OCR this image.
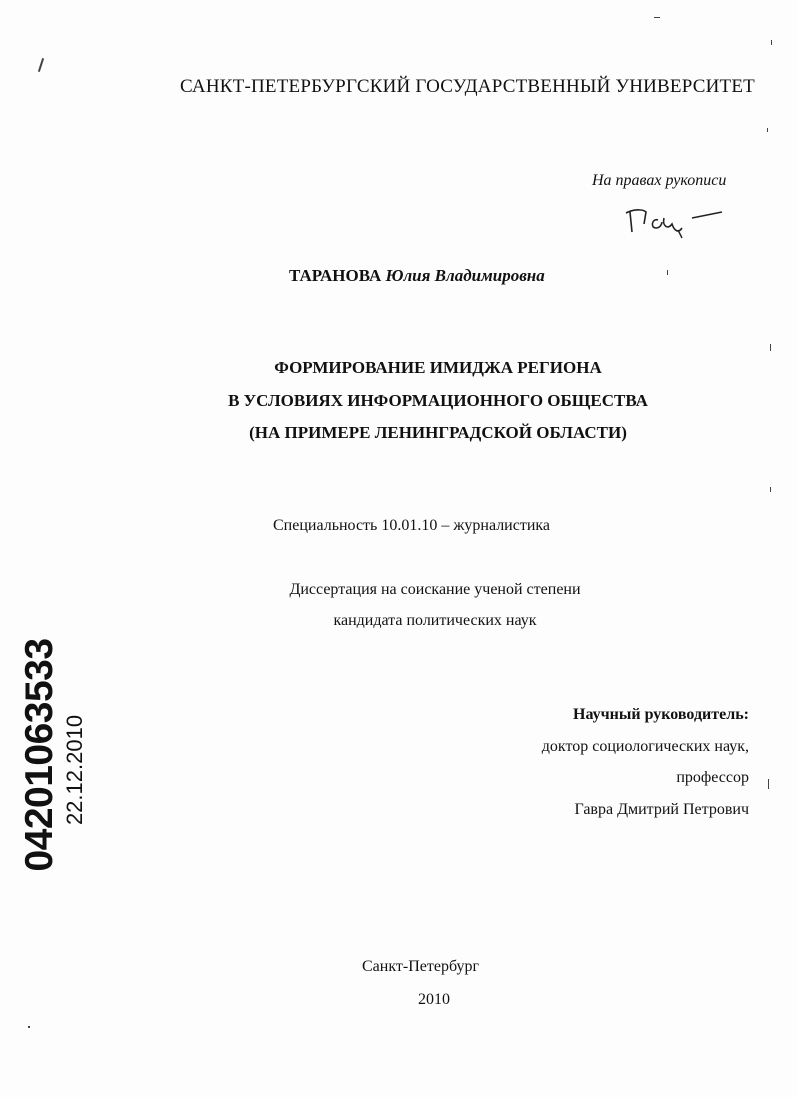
САНКТ-ПЕТЕРБУРГСКИЙ ГОСУДАРСТВЕННЫЙ УНИВЕРСИТЕТ
На правах рукописи
ТАРАНОВА Юлия Владимировна
ФОРМИРОВАНИЕ ИМИДЖА РЕГИОНА
В УСЛОВИЯХ ИНФОРМАЦИОННОГО ОБЩЕСТВА
(НА ПРИМЕРЕ ЛЕНИНГРАДСКОЙ ОБЛАСТИ)
Специальность 10.01.10 – журналистика
Диссертация на соискание ученой степени
кандидата политических наук
Научный руководитель:
доктор социологических наук,
профессор
Гавра Дмитрий Петрович
Санкт-Петербург
2010
04201063533 22.12.2010
